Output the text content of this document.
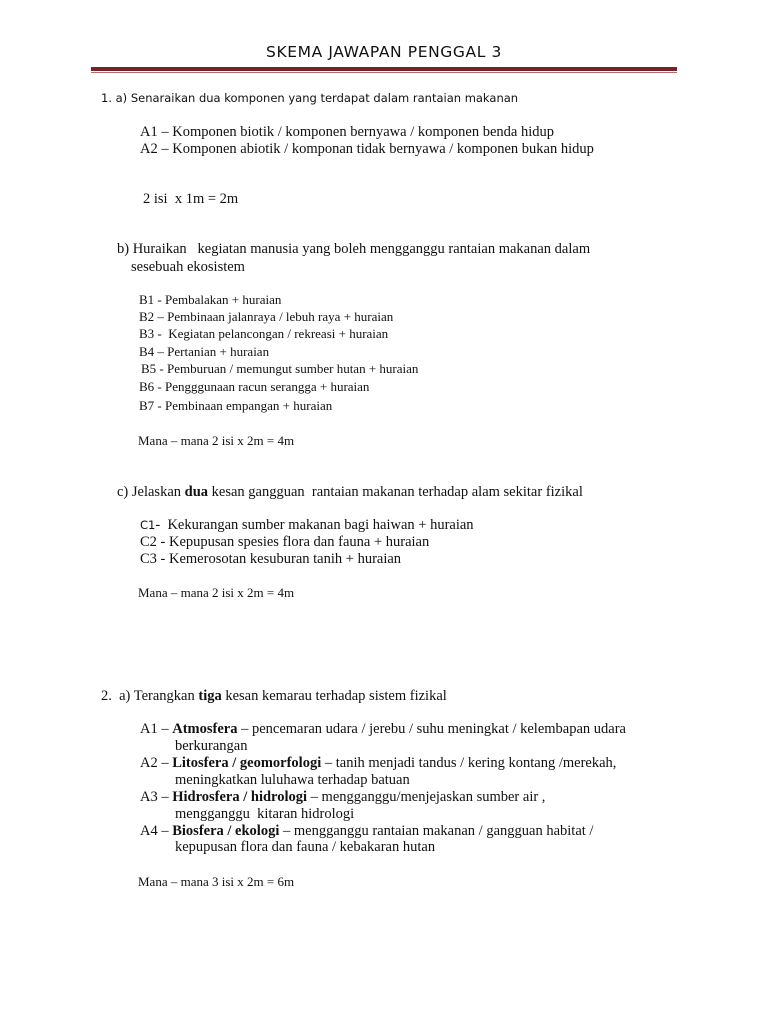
SKEMA JAWAPAN PENGGAL 3
1. a) Senaraikan dua komponen yang terdapat dalam rantaian makanan
A1 – Komponen biotik / komponen bernyawa / komponen benda hidup
A2 – Komponen abiotik / komponan tidak bernyawa / komponen bukan hidup
2 isi  x 1m = 2m
b) Huraikan   kegiatan manusia yang boleh mengganggu rantaian makanan dalam
sesebuah ekosistem
B1 - Pembalakan + huraian
B2 – Pembinaan jalanraya / lebuh raya + huraian
B3 -  Kegiatan pelancongan / rekreasi + huraian
B4 – Pertanian + huraian
B5 - Pemburuan / memungut sumber hutan + huraian
B6 - Pengggunaan racun serangga + huraian
B7 - Pembinaan empangan + huraian
Mana – mana 2 isi x 2m = 4m
c) Jelaskan dua kesan gangguan  rantaian makanan terhadap alam sekitar fizikal
C1-  Kekurangan sumber makanan bagi haiwan + huraian
C2 - Kepupusan spesies flora dan fauna + huraian
C3 - Kemerosotan kesuburan tanih + huraian
Mana – mana 2 isi x 2m = 4m
2.  a) Terangkan tiga kesan kemarau terhadap sistem fizikal
A1 – Atmosfera – pencemaran udara / jerebu / suhu meningkat / kelembapan udara
berkurangan
A2 – Litosfera / geomorfologi – tanih menjadi tandus / kering kontang /merekah,
meningkatkan luluhawa terhadap batuan
A3 – Hidrosfera / hidrologi – mengganggu/menjejaskan sumber air ,
mengganggu  kitaran hidrologi
A4 – Biosfera / ekologi – mengganggu rantaian makanan / gangguan habitat /
kepupusan flora dan fauna / kebakaran hutan
Mana – mana 3 isi x 2m = 6m
